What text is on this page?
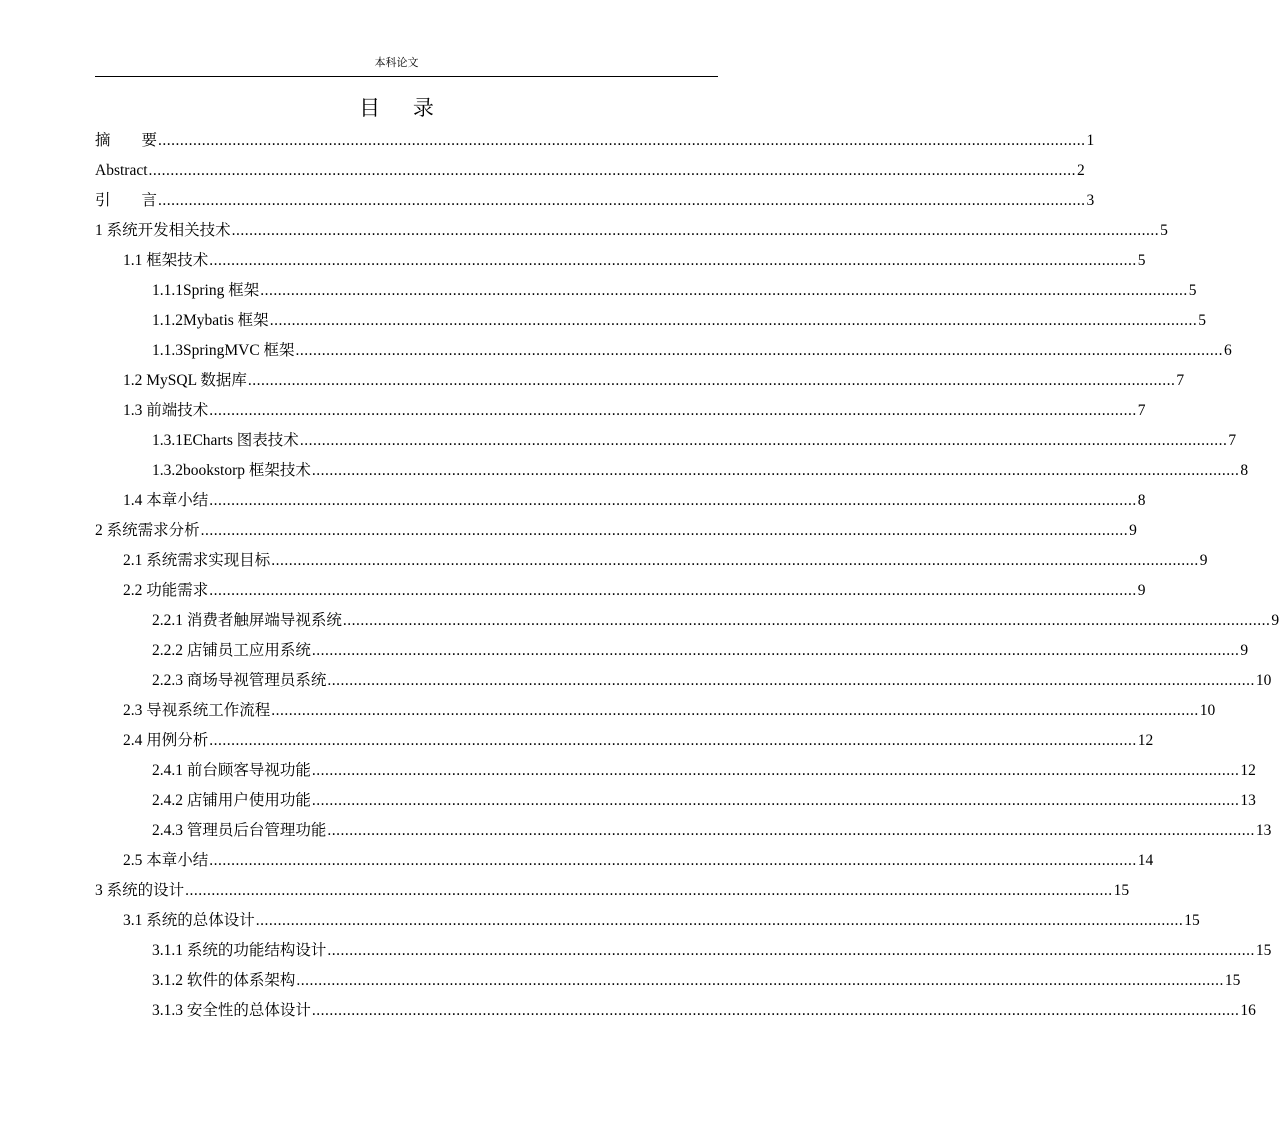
本科论文
目 录
摘　　要 .................................................................................................................................................................................................................... 1
Abstract .................................................................................................................................................................................................................... 2
引　　言 .................................................................................................................................................................................................................... 3
1 系统开发相关技术 .................................................................................................................................................................................................................... 5
1.1 框架技术 .................................................................................................................................................................................................................... 5
1.1.1Spring 框架 .................................................................................................................................................................................................................... 5
1.1.2Mybatis 框架 .................................................................................................................................................................................................................... 5
1.1.3SpringMVC 框架 .................................................................................................................................................................................................................... 6
1.2 MySQL 数据库 .................................................................................................................................................................................................................... 7
1.3 前端技术 .................................................................................................................................................................................................................... 7
1.3.1ECharts 图表技术 .................................................................................................................................................................................................................... 7
1.3.2bookstorp 框架技术 .................................................................................................................................................................................................................... 8
1.4 本章小结 .................................................................................................................................................................................................................... 8
2 系统需求分析 .................................................................................................................................................................................................................... 9
2.1 系统需求实现目标 .................................................................................................................................................................................................................... 9
2.2 功能需求 .................................................................................................................................................................................................................... 9
2.2.1 消费者触屏端导视系统 .................................................................................................................................................................................................................... 9
2.2.2 店铺员工应用系统 .................................................................................................................................................................................................................... 9
2.2.3 商场导视管理员系统 .................................................................................................................................................................................................................... 10
2.3 导视系统工作流程 .................................................................................................................................................................................................................... 10
2.4 用例分析 .................................................................................................................................................................................................................... 12
2.4.1 前台顾客导视功能 .................................................................................................................................................................................................................... 12
2.4.2 店铺用户使用功能 .................................................................................................................................................................................................................... 13
2.4.3 管理员后台管理功能 .................................................................................................................................................................................................................... 13
2.5 本章小结 .................................................................................................................................................................................................................... 14
3 系统的设计 .................................................................................................................................................................................................................... 15
3.1 系统的总体设计 .................................................................................................................................................................................................................... 15
3.1.1 系统的功能结构设计 .................................................................................................................................................................................................................... 15
3.1.2 软件的体系架构 .................................................................................................................................................................................................................... 15
3.1.3 安全性的总体设计 .................................................................................................................................................................................................................... 16
